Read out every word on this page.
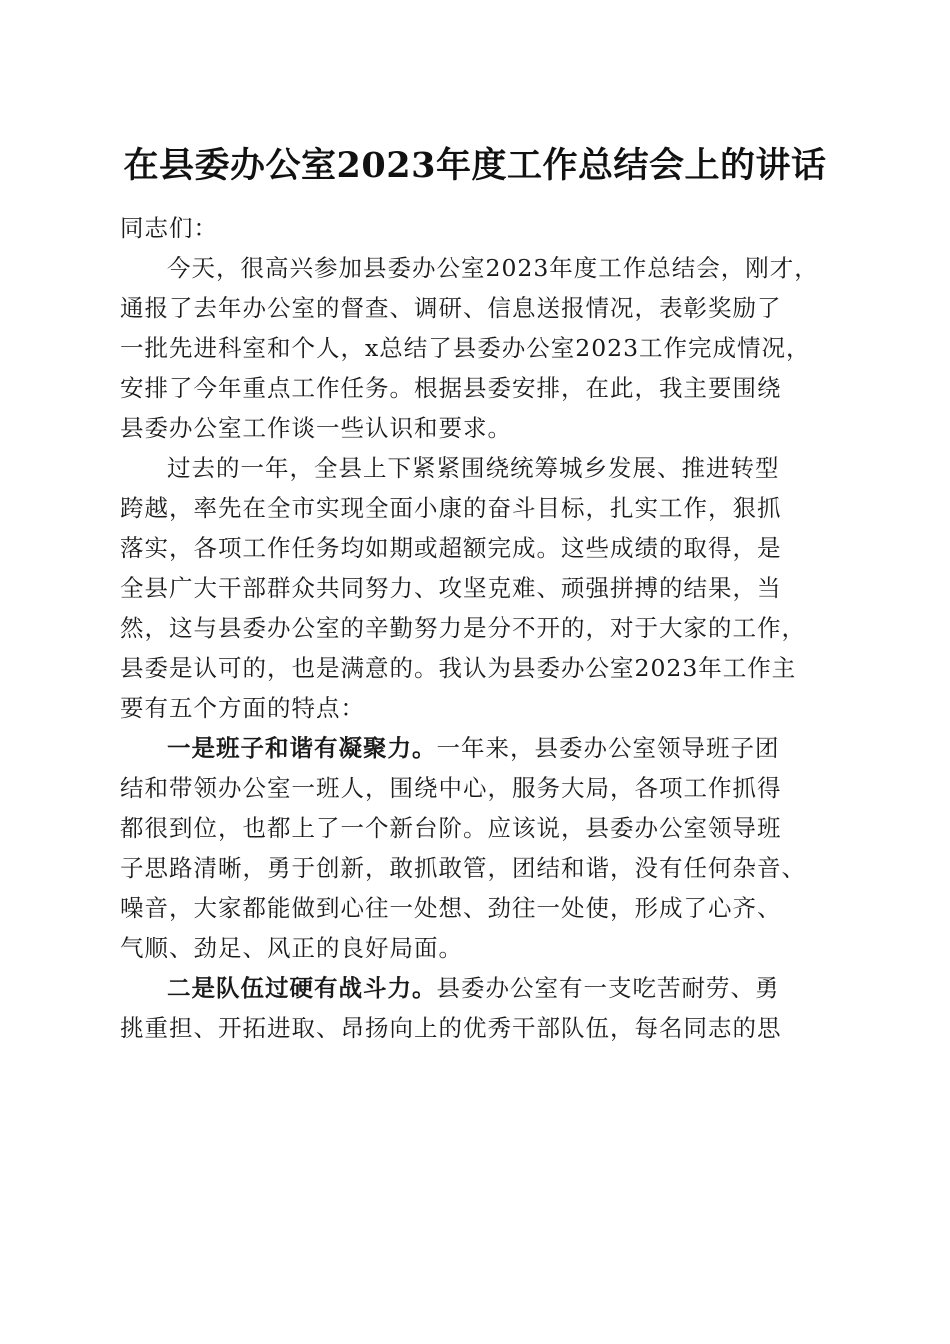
在县委办公室2023年度工作总结会上的讲话

同志们：

今天，很高兴参加县委办公室2023年度工作总结会，刚才，
通报了去年办公室的督查、调研、信息送报情况，表彰奖励了
一批先进科室和个人，x总结了县委办公室2023工作完成情况，
安排了今年重点工作任务。根据县委安排，在此，我主要围绕
县委办公室工作谈一些认识和要求。

过去的一年，全县上下紧紧围绕统筹城乡发展、推进转型
跨越，率先在全市实现全面小康的奋斗目标，扎实工作，狠抓
落实，各项工作任务均如期或超额完成。这些成绩的取得，是
全县广大干部群众共同努力、攻坚克难、顽强拼搏的结果，当
然，这与县委办公室的辛勤努力是分不开的，对于大家的工作，
县委是认可的，也是满意的。我认为县委办公室2023年工作主
要有五个方面的特点：

一是班子和谐有凝聚力。一年来，县委办公室领导班子团
结和带领办公室一班人，围绕中心，服务大局，各项工作抓得
都很到位，也都上了一个新台阶。应该说，县委办公室领导班
子思路清晰，勇于创新，敢抓敢管，团结和谐，没有任何杂音、
噪音，大家都能做到心往一处想、劲往一处使，形成了心齐、
气顺、劲足、风正的良好局面。

二是队伍过硬有战斗力。县委办公室有一支吃苦耐劳、勇
挑重担、开拓进取、昂扬向上的优秀干部队伍，每名同志的思
